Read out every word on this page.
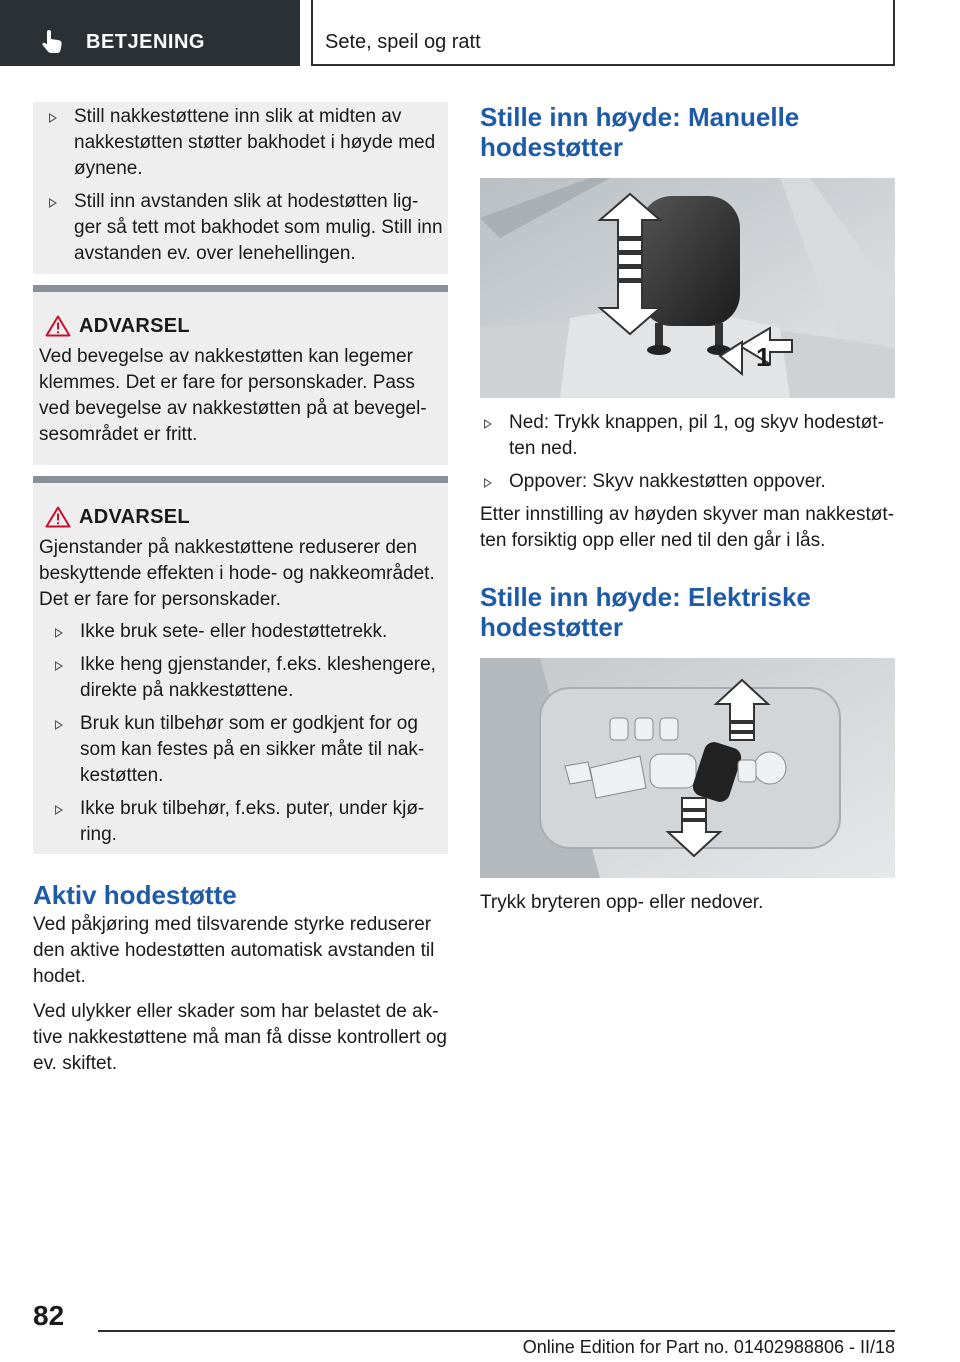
BETJENING	Sete, speil og ratt
Still nakkestøttene inn slik at midten av nakkestøtten støtter bakhodet i høyde med øynene.
Still inn avstanden slik at hodestøtten lig‐ ger så tett mot bakhodet som mulig. Still inn avstanden ev. over lenehellingen.
ADVARSEL
Ved bevegelse av nakkestøtten kan legemer klemmes. Det er fare for personskader. Pass ved bevegelse av nakkestøtten på at bevegel‐ sesområdet er fritt.
ADVARSEL
Gjenstander på nakkestøttene reduserer den beskyttende effekten i hode- og nakkeområdet. Det er fare for personskader.
Ikke bruk sete- eller hodestøttetrekk.
Ikke heng gjenstander, f.eks. kleshengere, direkte på nakkestøttene.
Bruk kun tilbehør som er godkjent for og som kan festes på en sikker måte til nak‐ kestøtten.
Ikke bruk tilbehør, f.eks. puter, under kjø‐ ring.
Aktiv hodestøtte

Ved påkjøring med tilsvarende styrke reduserer den aktive hodestøtten automatisk avstanden til hodet.

Ved ulykker eller skader som har belastet de ak‐ tive nakkestøttene må man få disse kontrollert og ev. skiftet.

Stille inn høyde: Manuelle hodestøtter
1
Ned: Trykk knappen, pil 1, og skyv hodestøt‐ ten ned.
Oppover: Skyv nakkestøtten oppover.

Etter innstilling av høyden skyver man nakkestøt‐ ten forsiktig opp eller ned til den går i lås.

Stille inn høyde: Elektriske hodestøtter

Trykk bryteren opp- eller nedover.

82
Online Edition for Part no. 01402988806 - II/18
